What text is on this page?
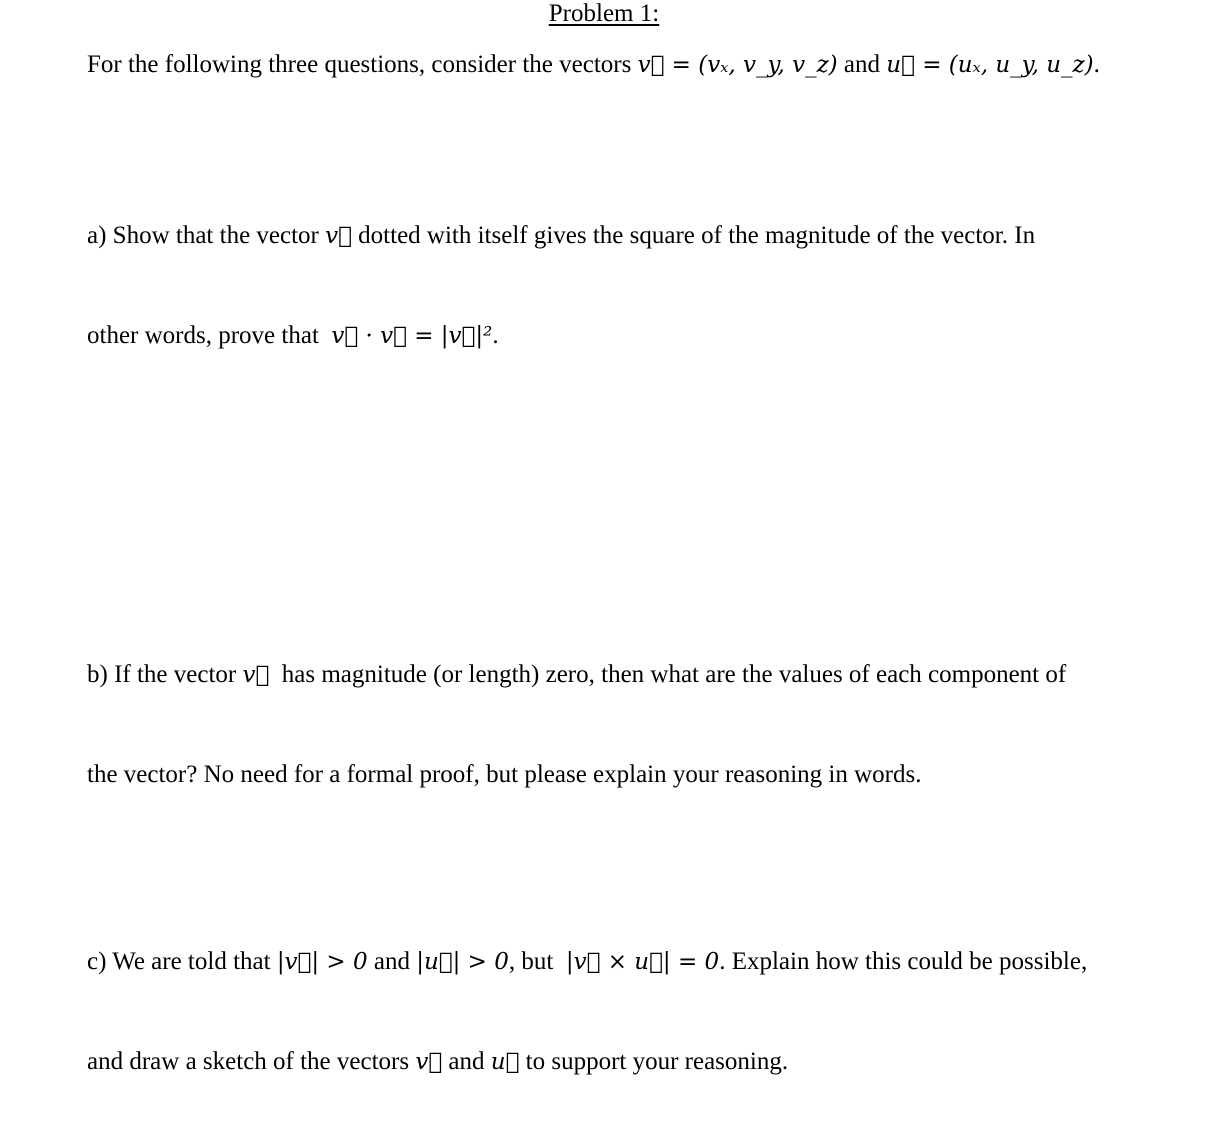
Problem 1:
For the following three questions, consider the vectors v⃗ = (vₓ, v_y, v_z) and u⃗ = (uₓ, u_y, u_z).

a) Show that the vector v⃗ dotted with itself gives the square of the magnitude of the vector. In

other words, prove that  v⃗ · v⃗ = |v⃗|².

b) If the vector v⃗  has magnitude (or length) zero, then what are the values of each component of

the vector? No need for a formal proof, but please explain your reasoning in words.

c) We are told that |v⃗| > 0 and |u⃗| > 0, but  |v⃗ × u⃗| = 0. Explain how this could be possible,

and draw a sketch of the vectors v⃗ and u⃗ to support your reasoning.
